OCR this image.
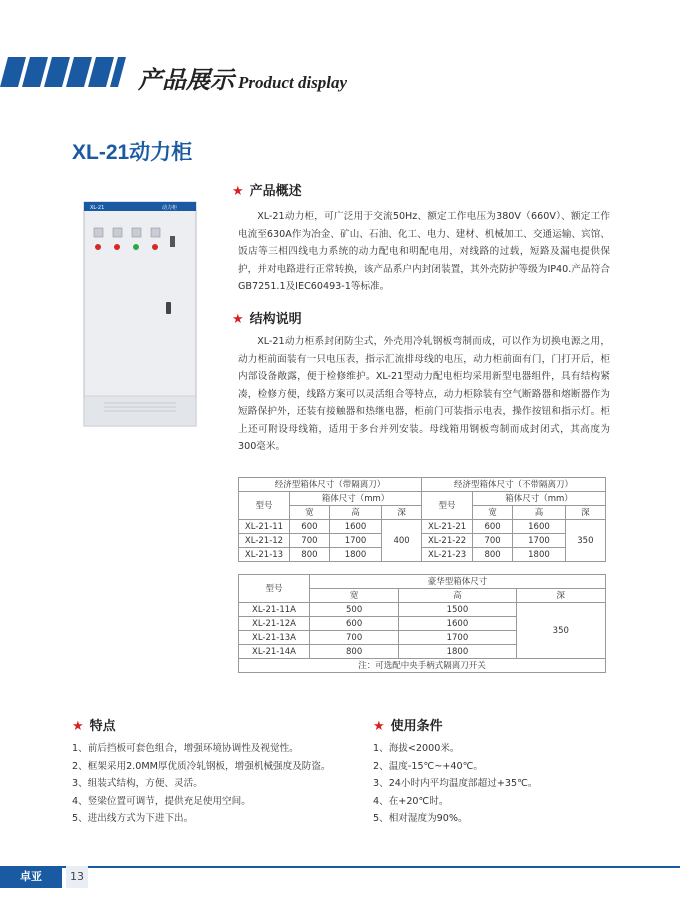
产品展示 Product display
XL-21动力柜
XL-21	动力柜
★ 产品概述

XL-21动力柜，可广泛用于交流50Hz、额定工作电压为380V（660V）、额定工作电流至630A作为冶金、矿山、石油、化工、电力、建材、机械加工、交通运输、宾馆、饭店等三相四线电力系统的动力配电和明配电用，对线路的过载，短路及漏电提供保护，并对电路进行正常转换，该产品系户内封闭装置，其外壳防护等级为IP40.产品符合GB7251.1及IEC60493-1等标准。

★ 结构说明

XL-21动力柜系封闭防尘式，外壳用冷轧钢板弯制而成，可以作为切换电源之用，动力柜前面装有一只电压表，指示汇流排母线的电压，动力柜前面有门，门打开后，柜内部设备敞露，便于检修维护。XL-21型动力配电柜均采用新型电器组件，具有结构紧凑，检修方便，线路方案可以灵活组合等特点，动力柜除装有空气断路器和熔断器作为短路保护外，还装有接触器和热继电器，柜前门可装指示电表，操作按钮和指示灯。柜上还可附设母线箱，适用于多台并列安装。母线箱用钢板弯制而成封闭式，其高度为300毫米。

经济型箱体尺寸（带隔离刀）				经济型箱体尺寸（不带隔离刀）			
型号	箱体尺寸（mm）			型号	箱体尺寸（mm）		
	宽	高	深		宽	高	深
XL-21-11	600	1600	400	XL-21-21	600	1600	350
XL-21-12	700	1700		XL-21-22	700	1700	
XL-21-13	800	1800		XL-21-23	800	1800	
型号	豪华型箱体尺寸		
	宽	高	深
XL-21-11A	500	1500	350
XL-21-12A	600	1600	
XL-21-13A	700	1700	
XL-21-14A	800	1800	
注：可选配中央手柄式隔离刀开关			
★ 特点
1、前后挡板可套色组合，增强环境协调性及视觉性。
2、框架采用2.0MM厚优质冷轧钢板，增强机械强度及防盗。
3、组装式结构，方便、灵活。
4、竖梁位置可调节，提供充足使用空间。
5、进出线方式为下进下出。
★ 使用条件
1、海拔<2000米。
2、温度-15℃~+40℃。
3、24小时内平均温度部超过+35℃。
4、在+20℃时。
5、相对湿度为90%。
卓亚	13
